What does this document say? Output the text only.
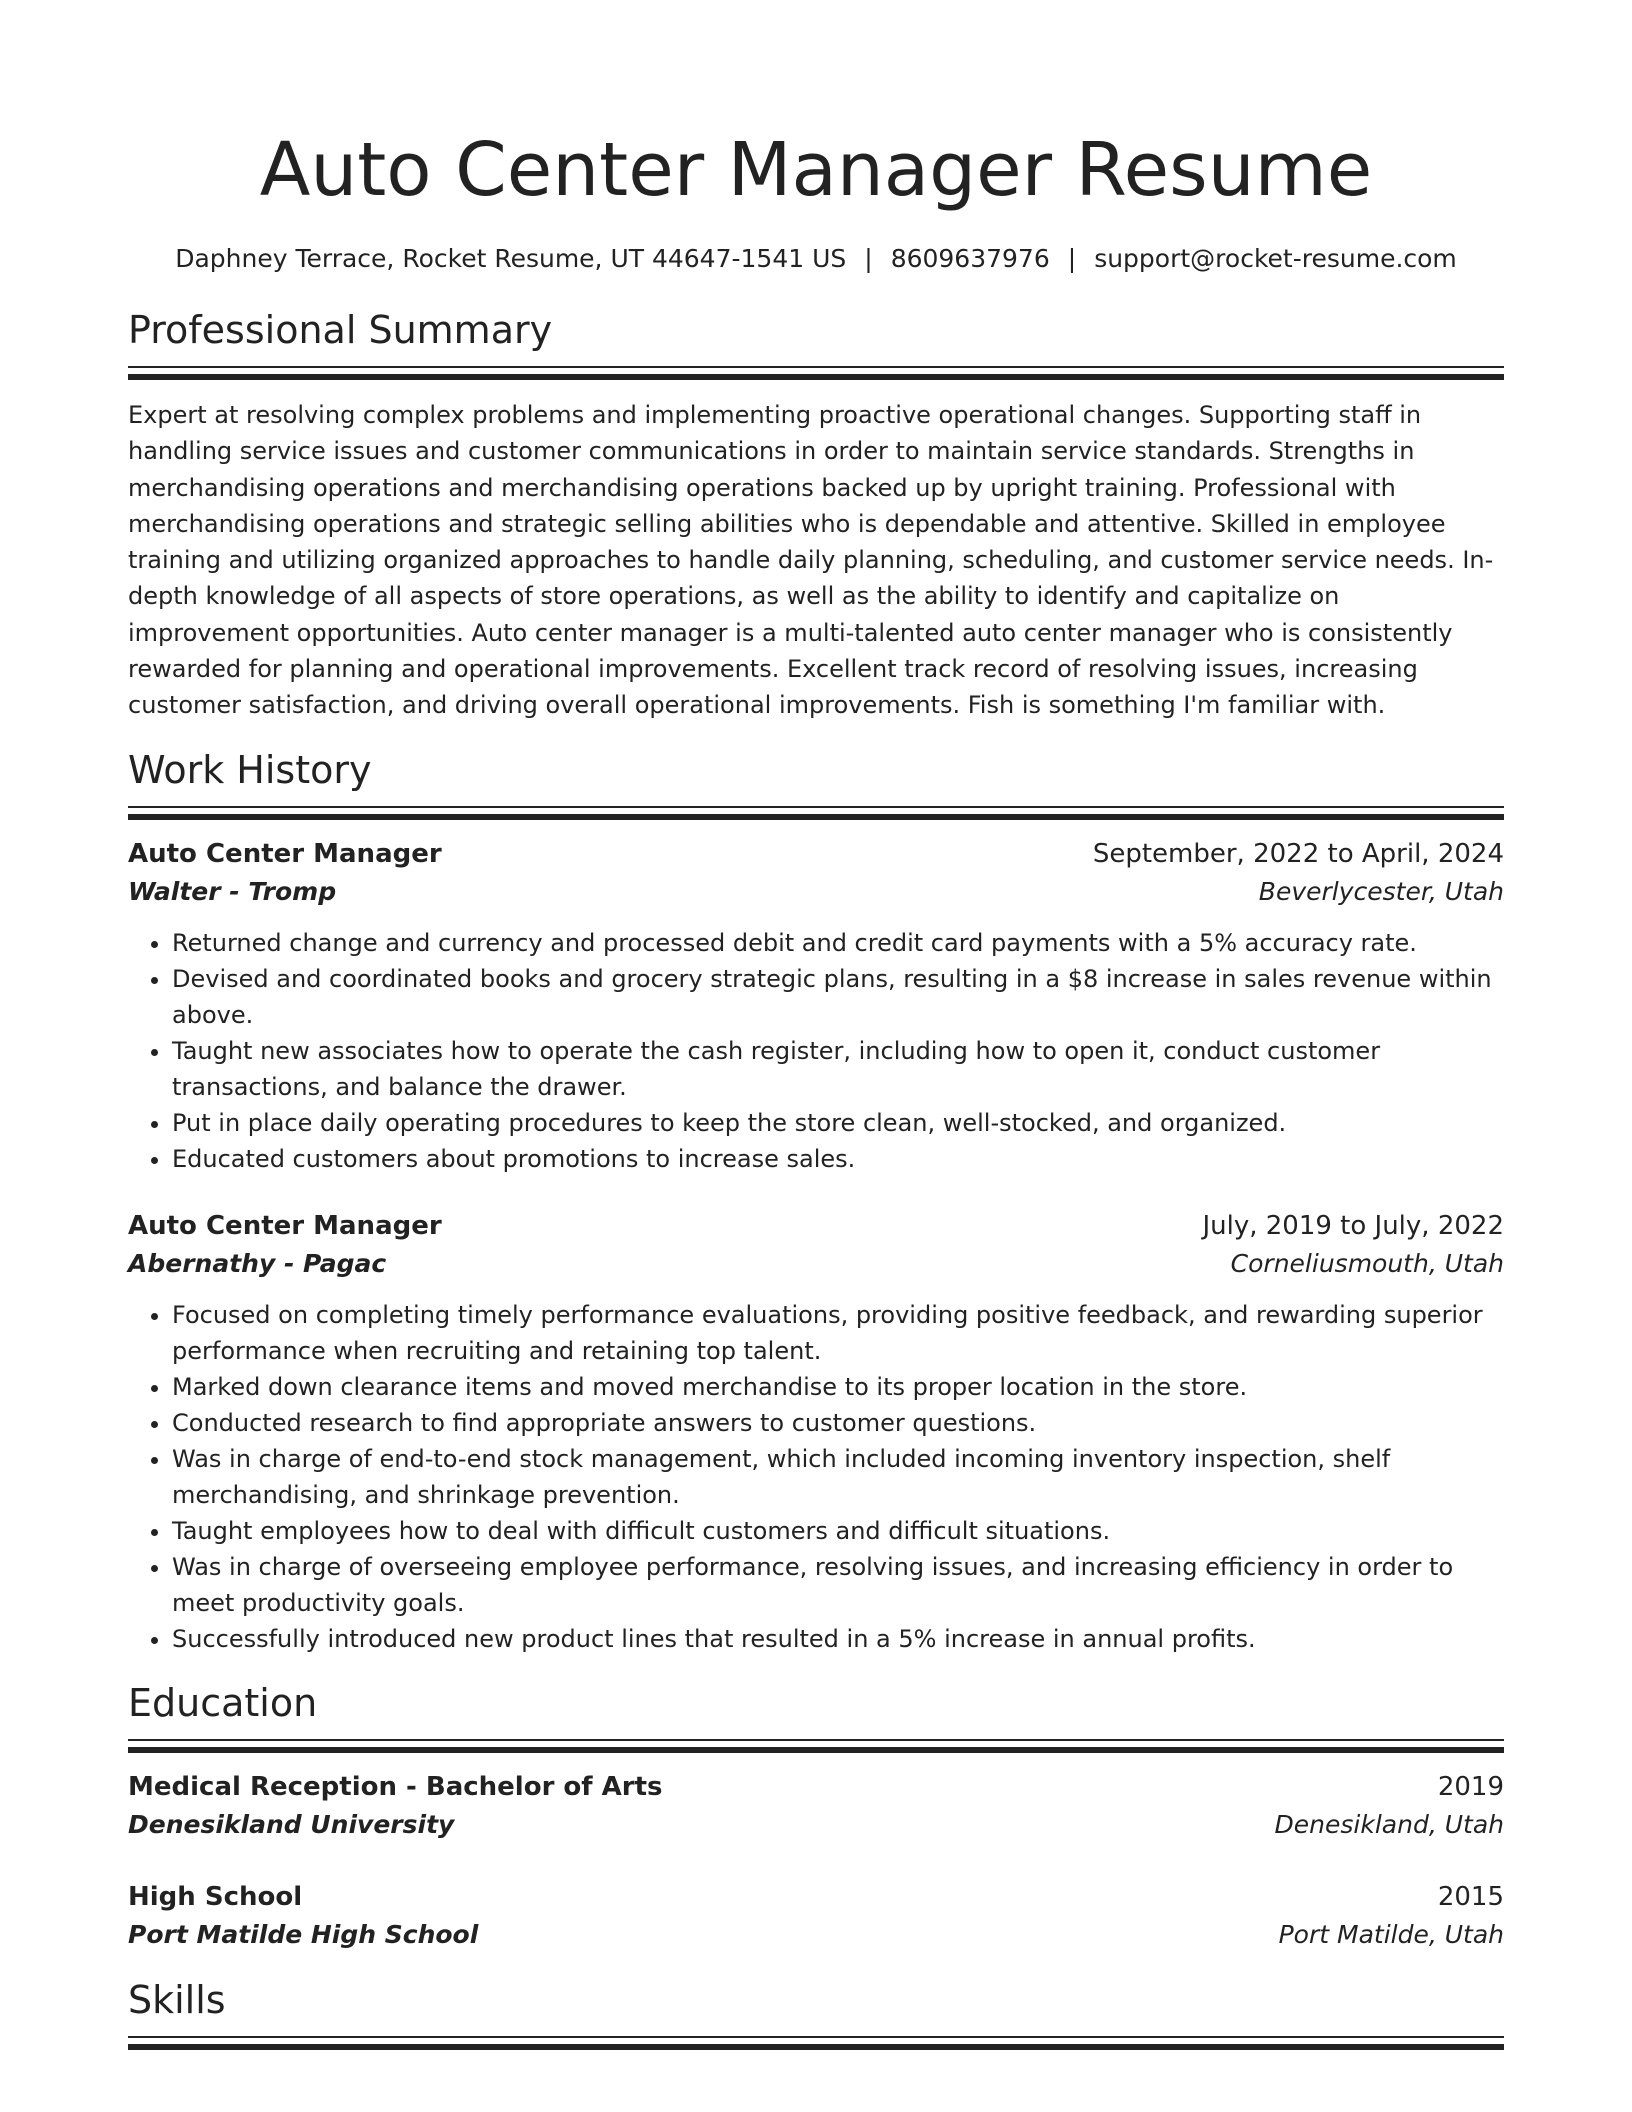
Auto Center Manager Resume
Daphney Terrace, Rocket Resume, UT 44647-1541 US | 8609637976 | support@rocket-resume.com
Professional Summary
Expert at resolving complex problems and implementing proactive operational changes. Supporting staff in handling service issues and customer communications in order to maintain service standards. Strengths in merchandising operations and merchandising operations backed up by upright training. Professional with merchandising operations and strategic selling abilities who is dependable and attentive. Skilled in employee training and utilizing organized approaches to handle daily planning, scheduling, and customer service needs. In-depth knowledge of all aspects of store operations, as well as the ability to identify and capitalize on improvement opportunities. Auto center manager is a multi-talented auto center manager who is consistently rewarded for planning and operational improvements. Excellent track record of resolving issues, increasing customer satisfaction, and driving overall operational improvements. Fish is something I'm familiar with.
Work History
Auto Center Manager	September, 2022 to April, 2024
Walter - Tromp	Beverlycester, Utah
• Returned change and currency and processed debit and credit card payments with a 5% accuracy rate.
• Devised and coordinated books and grocery strategic plans, resulting in a $8 increase in sales revenue within above.
• Taught new associates how to operate the cash register, including how to open it, conduct customer transactions, and balance the drawer.
• Put in place daily operating procedures to keep the store clean, well-stocked, and organized.
• Educated customers about promotions to increase sales.
Auto Center Manager	July, 2019 to July, 2022
Abernathy - Pagac	Corneliusmouth, Utah
• Focused on completing timely performance evaluations, providing positive feedback, and rewarding superior performance when recruiting and retaining top talent.
• Marked down clearance items and moved merchandise to its proper location in the store.
• Conducted research to find appropriate answers to customer questions.
• Was in charge of end-to-end stock management, which included incoming inventory inspection, shelf merchandising, and shrinkage prevention.
• Taught employees how to deal with difficult customers and difficult situations.
• Was in charge of overseeing employee performance, resolving issues, and increasing efficiency in order to meet productivity goals.
• Successfully introduced new product lines that resulted in a 5% increase in annual profits.
Education
Medical Reception - Bachelor of Arts	2019
Denesikland University	Denesikland, Utah
High School	2015
Port Matilde High School	Port Matilde, Utah
Skills
